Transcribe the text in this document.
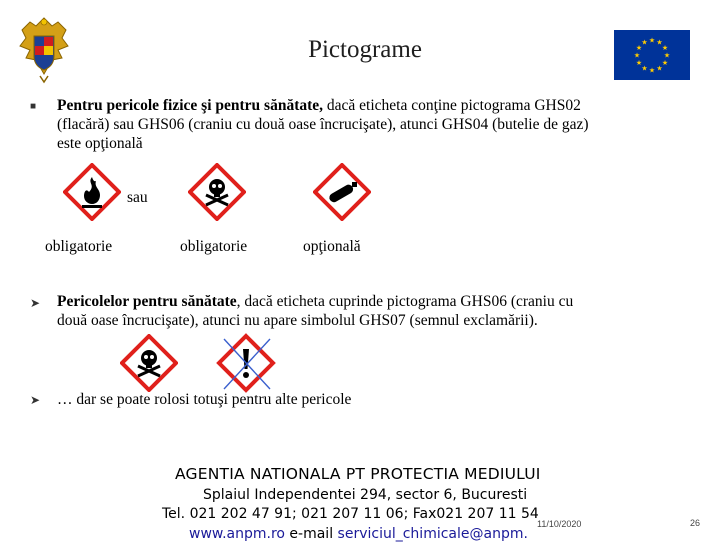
Pictograme	★ ★
★
★
★
★
★
★
★
★
★
★
■ Pentru pericole fizice şi pentru sănătate, dacă eticheta conţine pictograma GHS02
(flacără) sau GHS06 (craniu cu două oase încrucişate), atunci GHS04 (butelie de gaz)
este opţională
sau
obligatorie	obligatorie	opţională
➤ Pericolelor pentru sănătate, dacă eticheta cuprinde pictograma GHS06 (craniu cu
două oase încrucişate), atunci nu apare simbolul GHS07 (semnul exclamării).
➤ … dar se poate rolosi totuşi pentru alte pericole
AGENTIA NATIONALA PT PROTECTIA MEDIULUI
Splaiul Independentei 294, sector 6, Bucuresti
Tel. 021 202 47 91; 021 207 11 06; Fax021 207 11 54
www.anpm.ro e-mail serviciul_chimicale@anpm.
11/10/2020	26
